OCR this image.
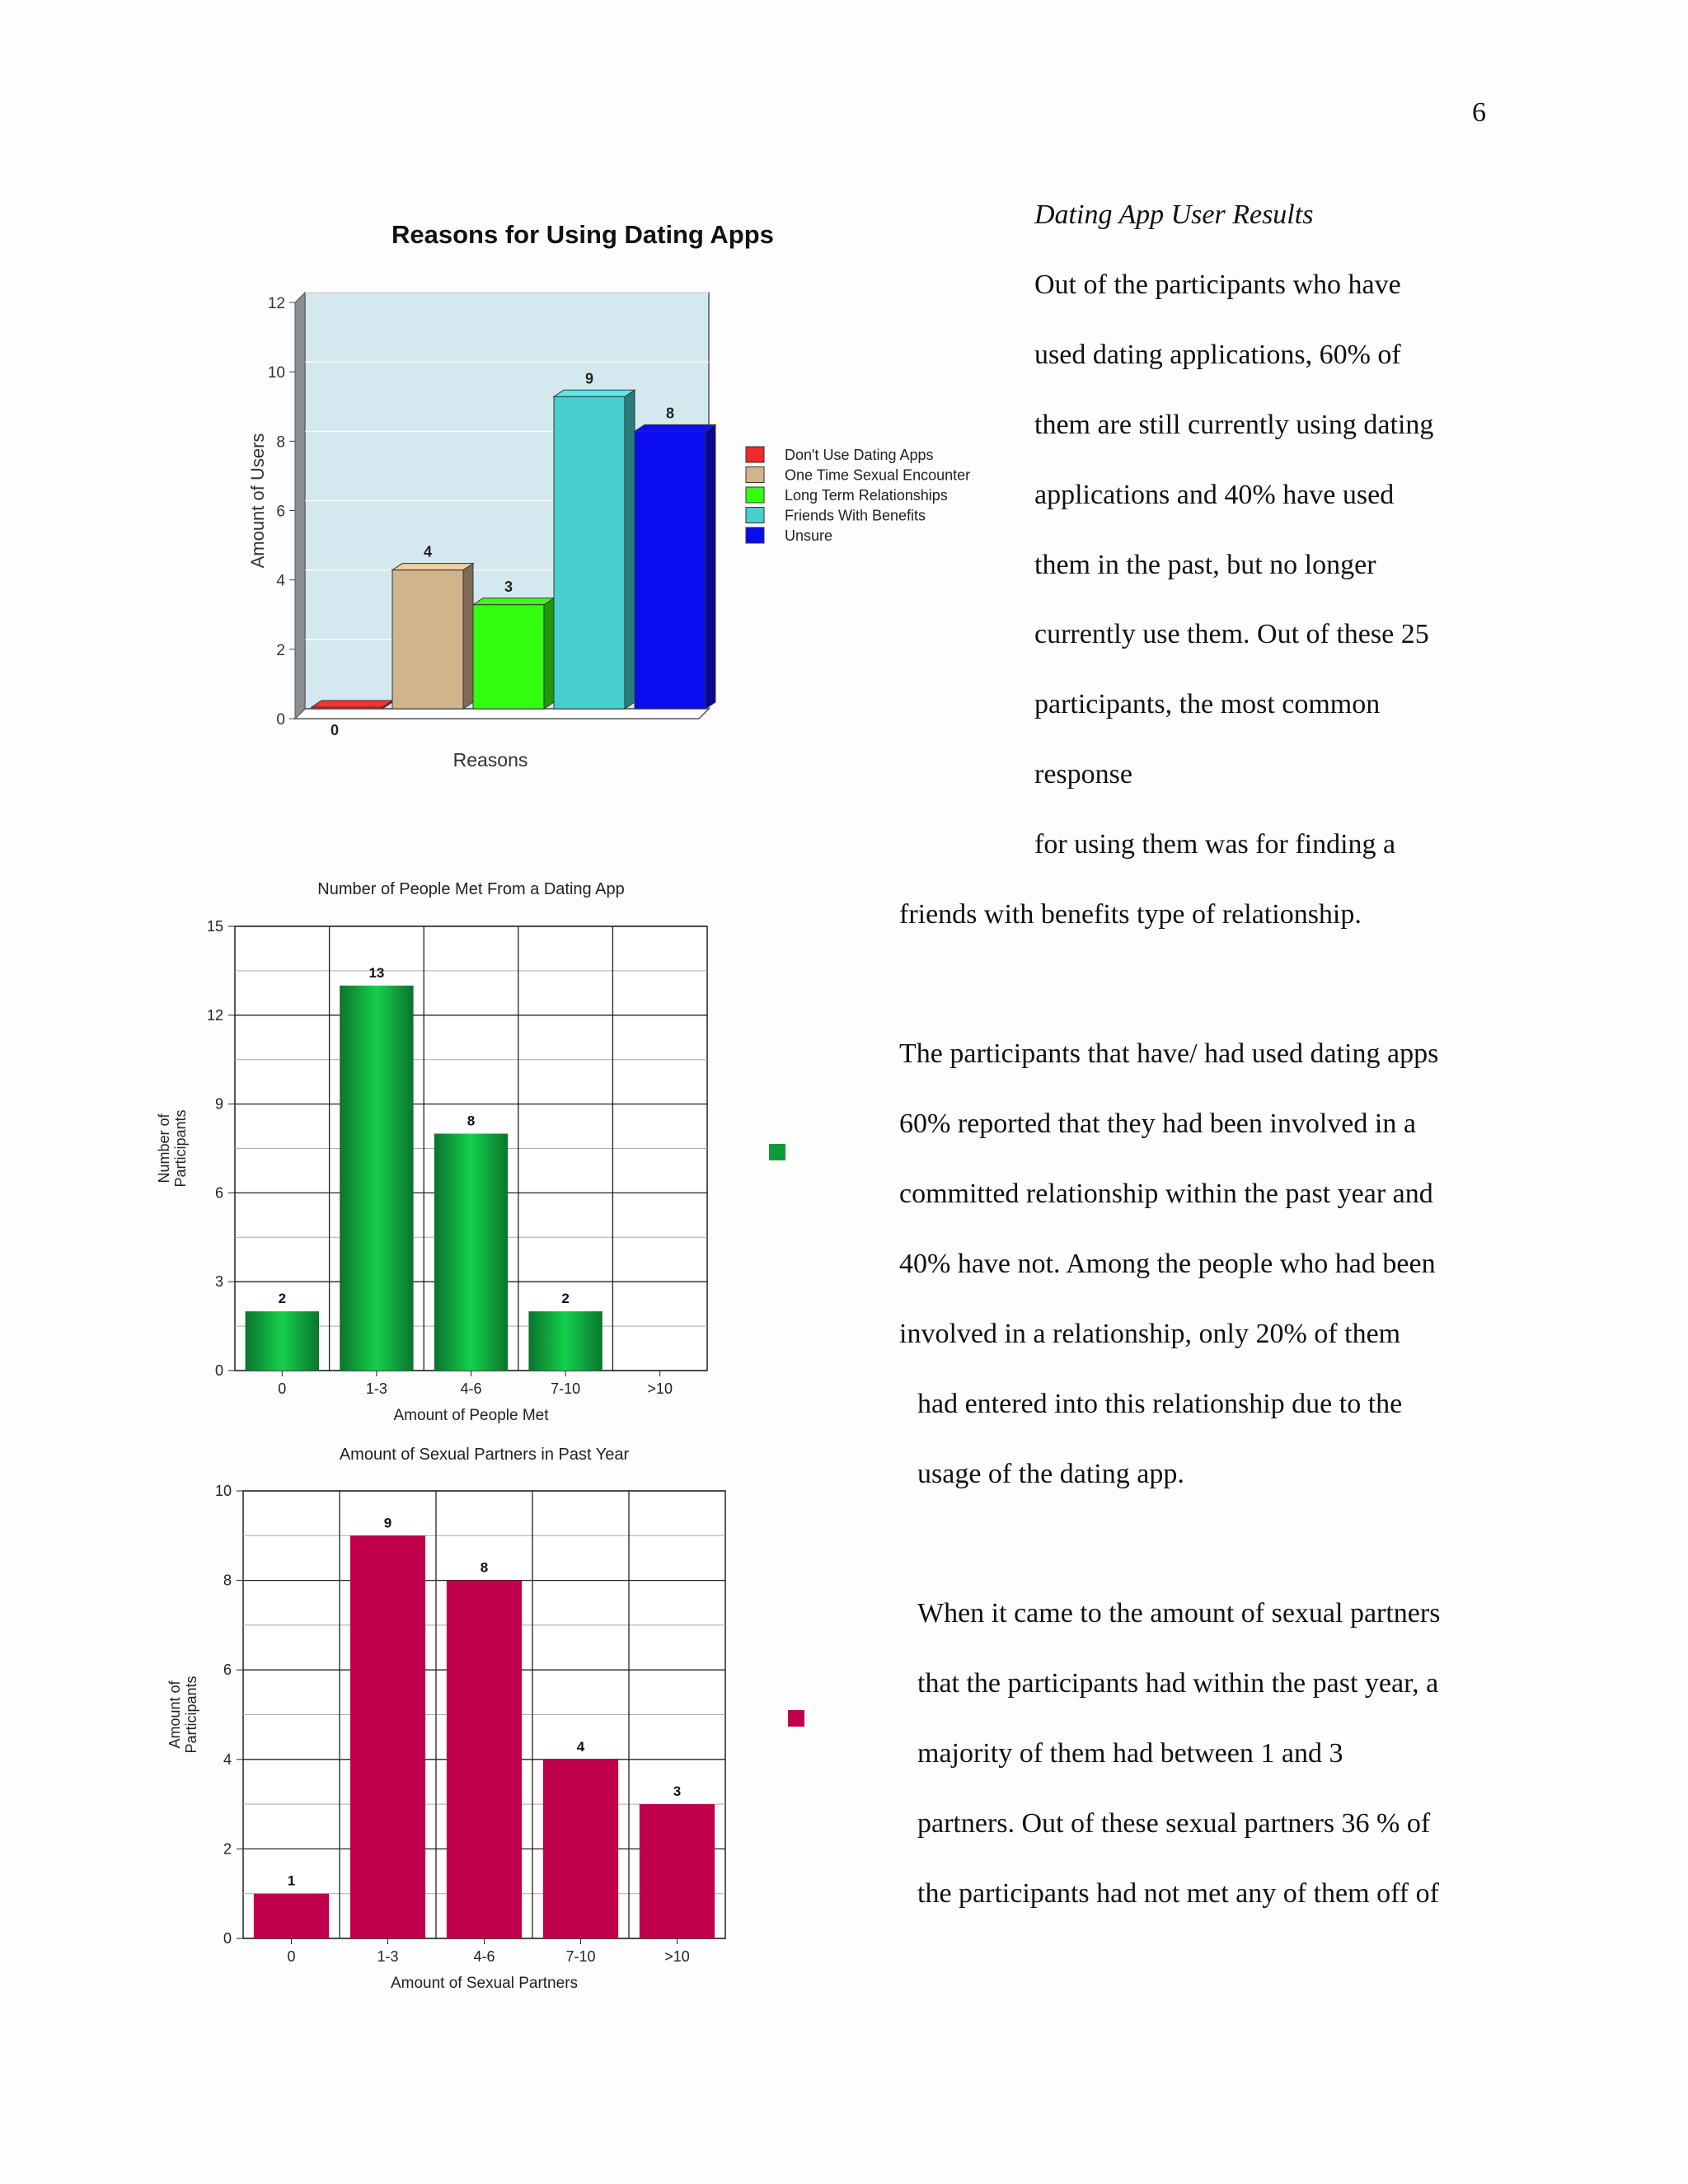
6
Dating App User Results
Out of the participants who have
used dating applications, 60% of
them are still currently using dating
applications and 40% have used
them in the past, but no longer
currently use them. Out of these 25
participants, the most common
response
for using them was for finding a
friends with benefits type of relationship.
The participants that have/ had used dating apps
60% reported that they had been involved in a
committed relationship within the past year and
40% have not. Among the people who had been
involved in a relationship, only 20% of them
had entered into this relationship due to the
usage of the dating app.
When it came to the amount of sexual partners
that the participants had within the past year, a
majority of them had between 1 and 3
partners. Out of these sexual partners 36 % of
the participants had not met any of them off of
Reasons for Using Dating Apps
0
2
4
6
8
10
12
0
4
3
9
8
Reasons
Amount of Users	Don't Use Dating Apps
One Time Sexual Encounter
Long Term Relationships
Friends With Benefits
Unsure
Number of People Met From a Dating App
0
3
6
9
12
15
2
0
13
1-3
8
4-6
2
7-10	>10
Amount of People Met
Number of Participants
Amount of Sexual Partners in Past Year
0
2
4
6
8
10
1
0
9
1-3
8
4-6
4
7-10
3
>10
Amount of Sexual Partners
Amount of Participants
